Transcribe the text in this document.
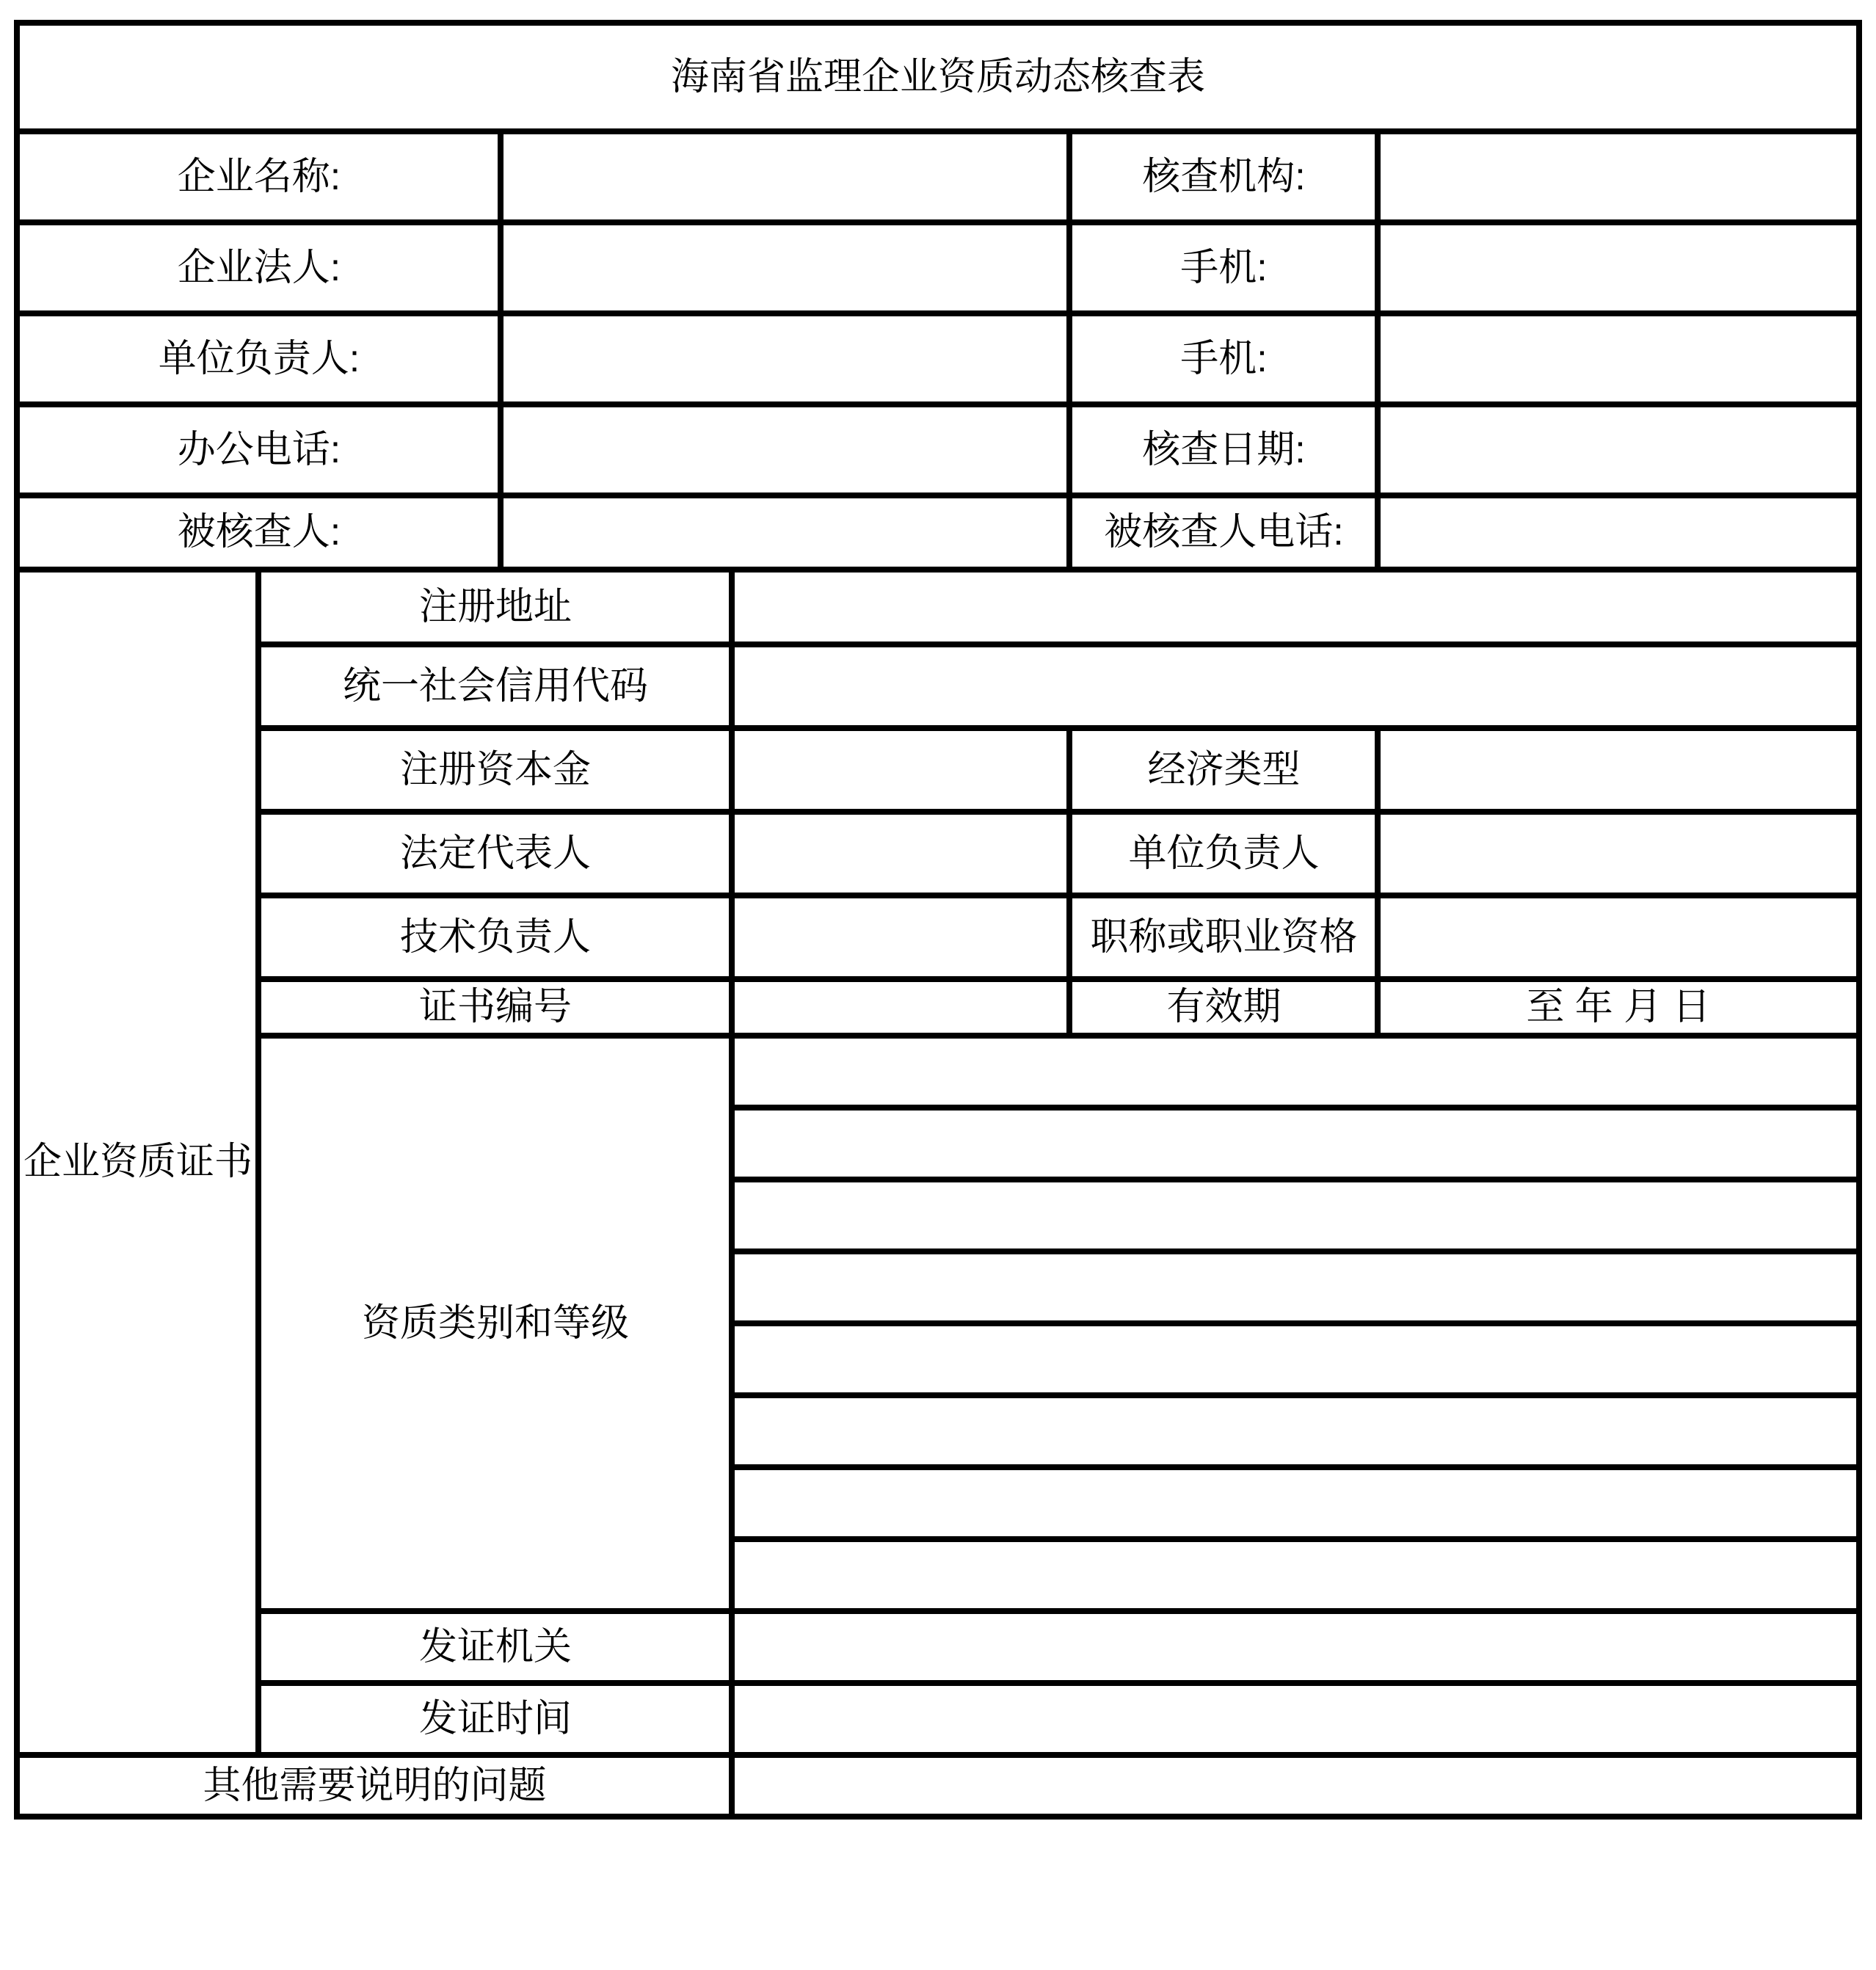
海南省监理企业资质动态核查表					
企业名称:				核查机构:	
企业法人:				手机:	
单位负责人:				手机:	
办公电话:				核查日期:	
被核查人:				被核查人电话:	
企业资质证书	注册地址				
	统一社会信用代码				
	注册资本金			经济类型	
	法定代表人			单位负责人	
	技术负责人			职称或职业资格	
	证书编号			有效期	至 年 月 日
	资质类别和等级				

	发证机关				
	发证时间				
其他需要说明的问题					
